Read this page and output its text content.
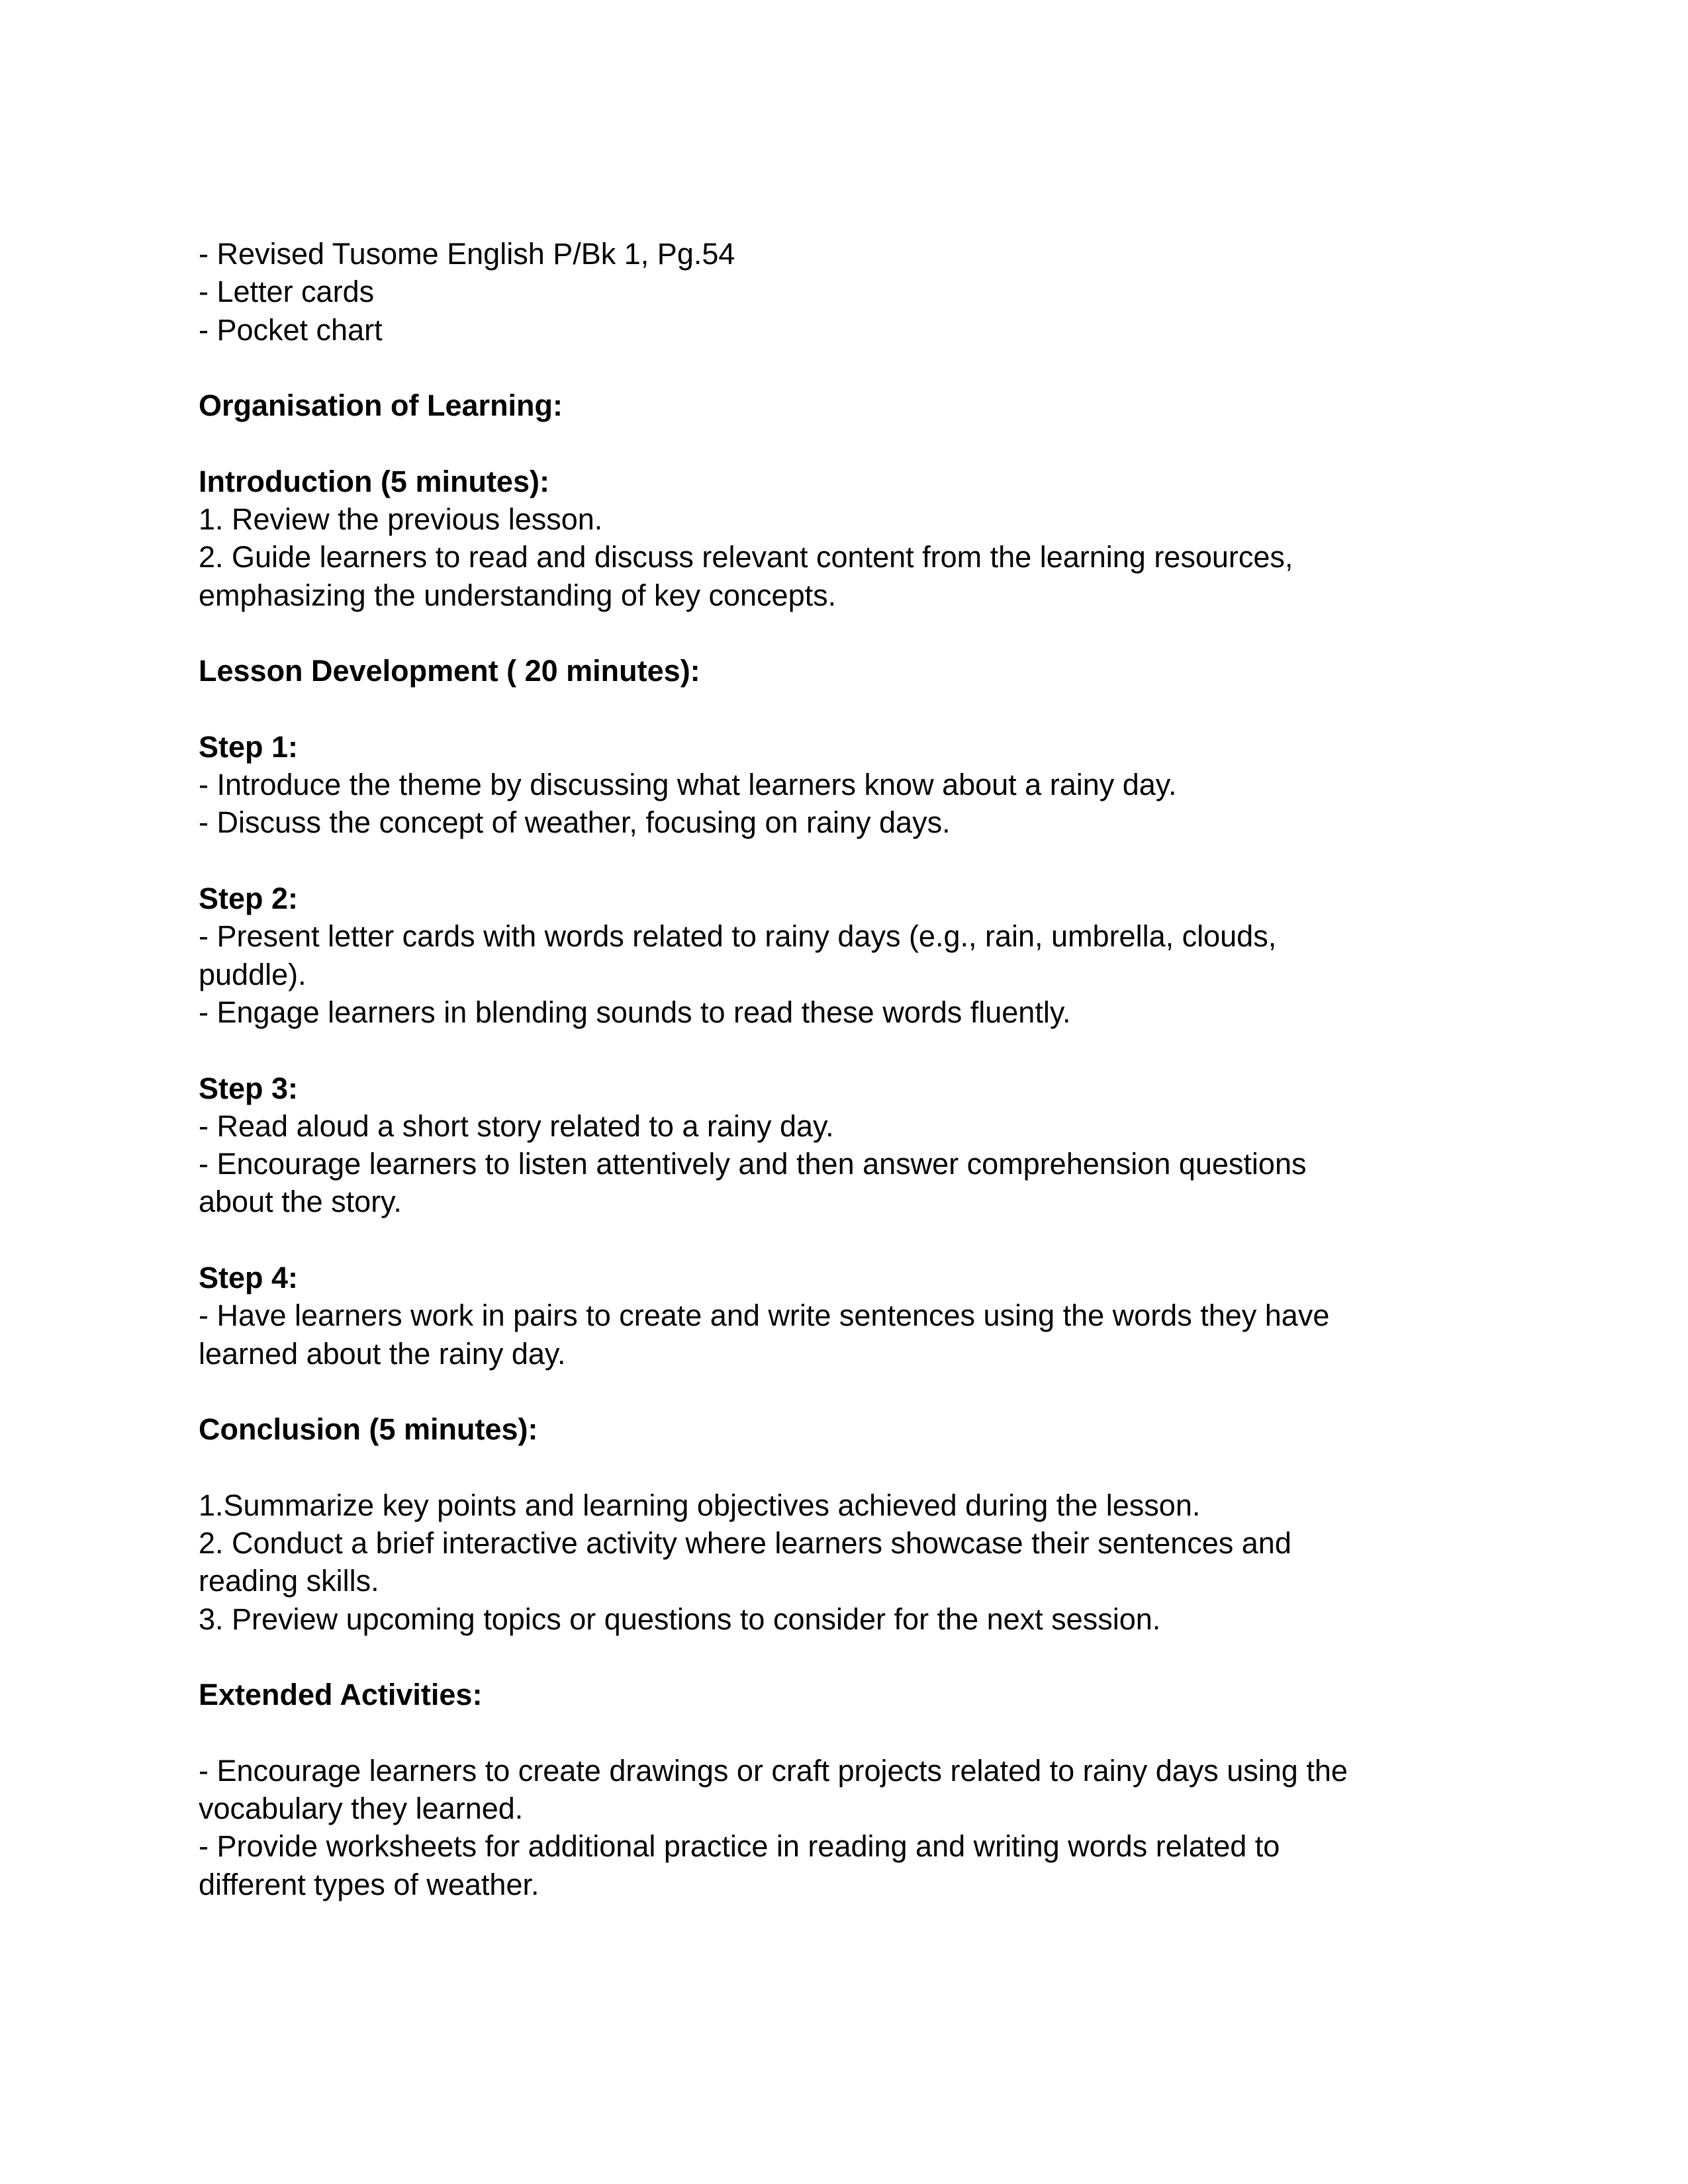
- Revised Tusome English P/Bk 1, Pg.54

- Letter cards

- Pocket chart

Organisation of Learning:

Introduction (5 minutes):

1. Review the previous lesson.

2. Guide learners to read and discuss relevant content from the learning resources,

emphasizing the understanding of key concepts.

Lesson Development ( 20 minutes):

Step 1:

- Introduce the theme by discussing what learners know about a rainy day.

- Discuss the concept of weather, focusing on rainy days.

Step 2:

- Present letter cards with words related to rainy days (e.g., rain, umbrella, clouds,

puddle).

- Engage learners in blending sounds to read these words fluently.

Step 3:

- Read aloud a short story related to a rainy day.

- Encourage learners to listen attentively and then answer comprehension questions

about the story.

Step 4:

- Have learners work in pairs to create and write sentences using the words they have

learned about the rainy day.

Conclusion (5 minutes):

1.Summarize key points and learning objectives achieved during the lesson.

2. Conduct a brief interactive activity where learners showcase their sentences and

reading skills.

3. Preview upcoming topics or questions to consider for the next session.

Extended Activities:

- Encourage learners to create drawings or craft projects related to rainy days using the

vocabulary they learned.

- Provide worksheets for additional practice in reading and writing words related to

different types of weather.
